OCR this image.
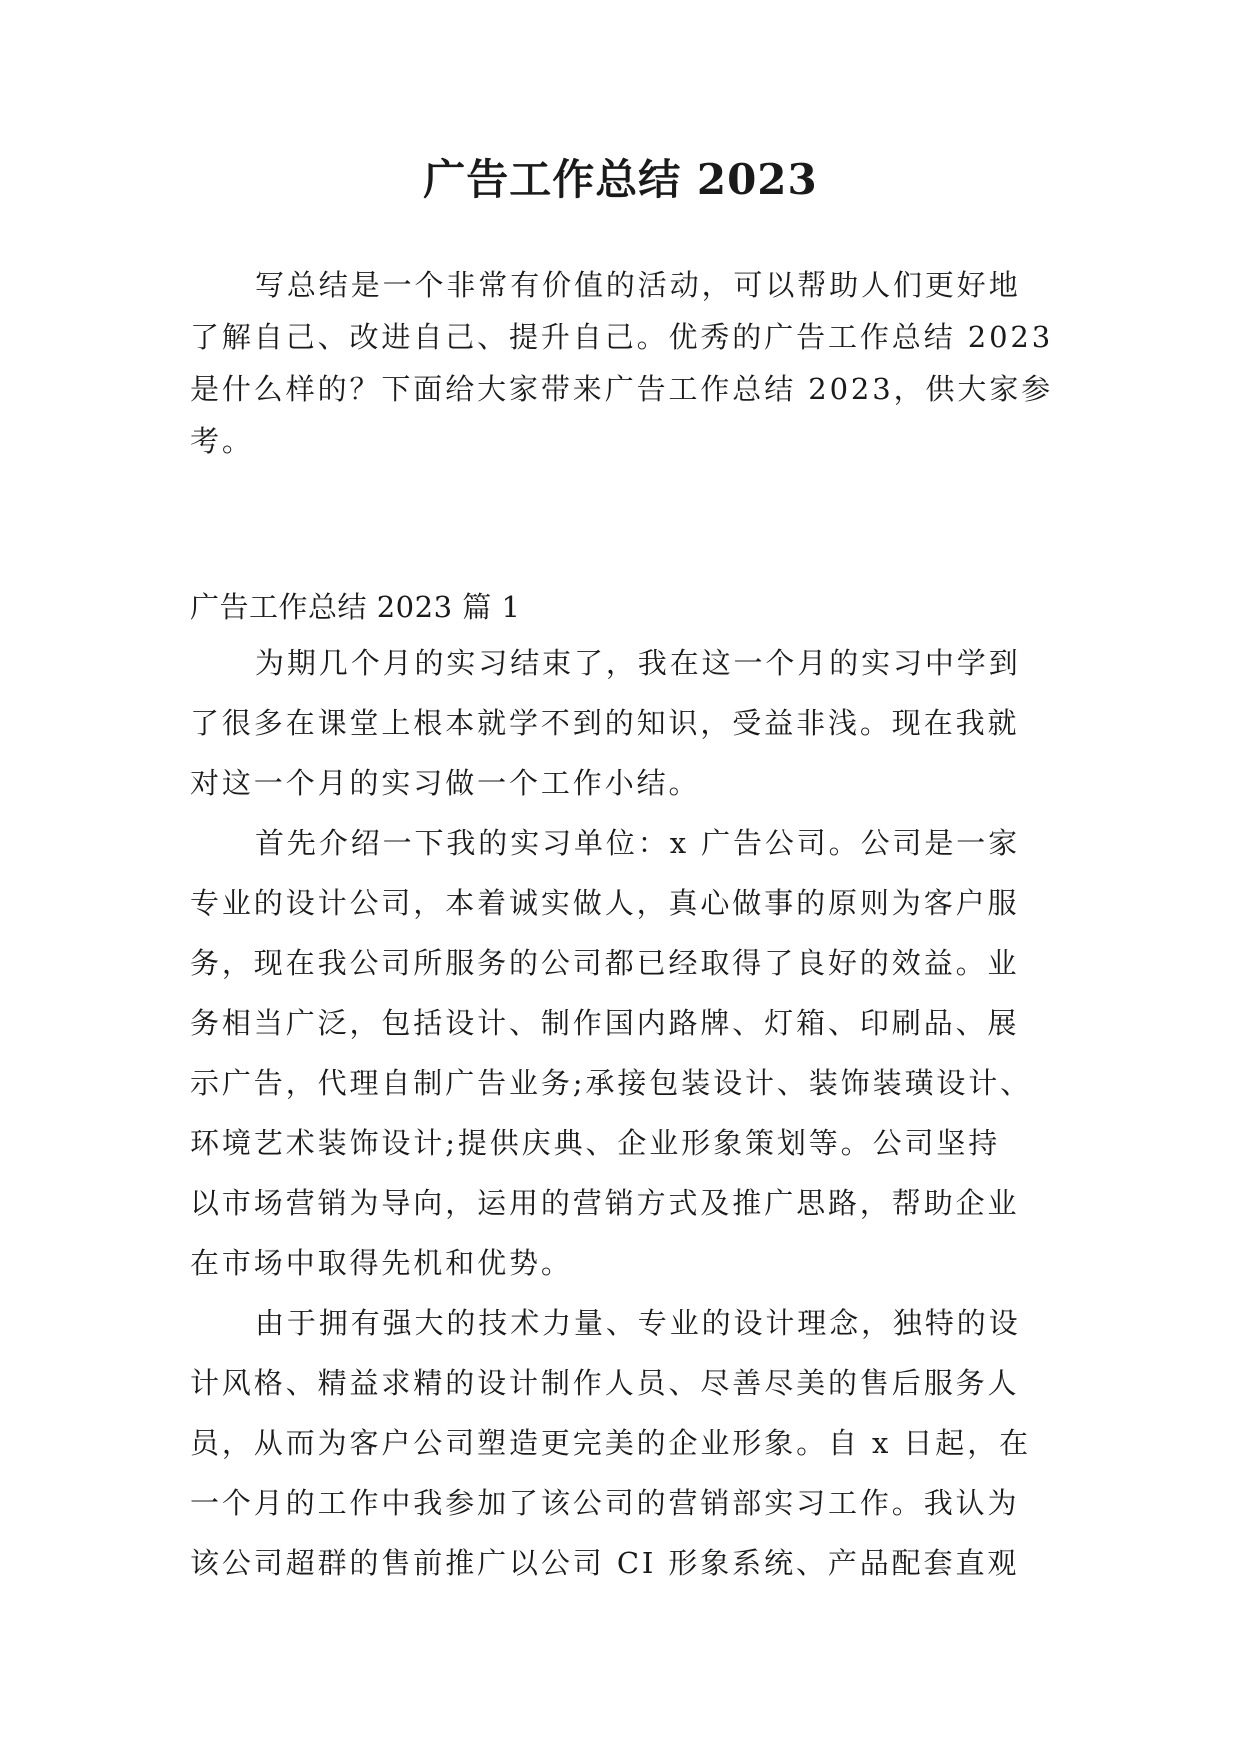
广告工作总结 2023
写总结是一个非常有价值的活动，可以帮助人们更好地
了解自己、改进自己、提升自己。优秀的广告工作总结 2023
是什么样的？下面给大家带来广告工作总结 2023，供大家参
考。
广告工作总结 2023 篇 1
为期几个月的实习结束了，我在这一个月的实习中学到
了很多在课堂上根本就学不到的知识，受益非浅。现在我就
对这一个月的实习做一个工作小结。
首先介绍一下我的实习单位：x 广告公司。公司是一家
专业的设计公司，本着诚实做人，真心做事的原则为客户服
务，现在我公司所服务的公司都已经取得了良好的效益。业
务相当广泛，包括设计、制作国内路牌、灯箱、印刷品、展
示广告，代理自制广告业务;承接包装设计、装饰装璜设计、
环境艺术装饰设计;提供庆典、企业形象策划等。公司坚持
以市场营销为导向，运用的营销方式及推广思路，帮助企业
在市场中取得先机和优势。
由于拥有强大的技术力量、专业的设计理念，独特的设
计风格、精益求精的设计制作人员、尽善尽美的售后服务人
员，从而为客户公司塑造更完美的企业形象。自 x 日起，在
一个月的工作中我参加了该公司的营销部实习工作。我认为
该公司超群的售前推广以公司 CI 形象系统、产品配套直观
